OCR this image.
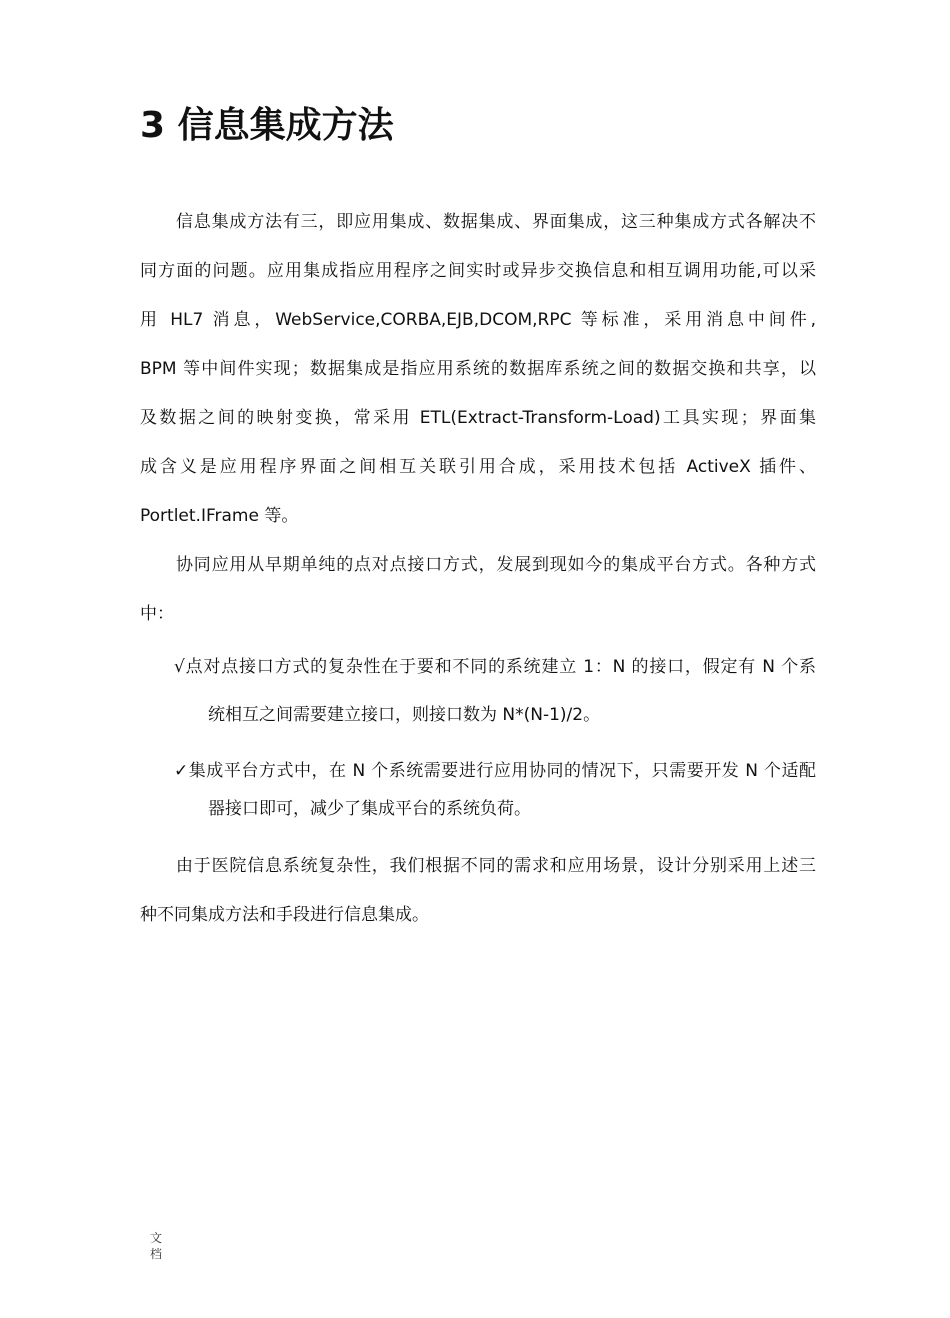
3 信息集成方法
信息集成方法有三，即应用集成、数据集成、界面集成，这三种集成方式各解决不
同方面的问题。应用集成指应用程序之间实时或异步交换信息和相互调用功能,可以采
用 HL7 消息，WebService,CORBA,EJB,DCOM,RPC 等标准，采用消息中间件,
BPM 等中间件实现；数据集成是指应用系统的数据库系统之间的数据交换和共享，以
及数据之间的映射变换，常采用 ETL(Extract-Transform-Load)工具实现；界面集
成含义是应用程序界面之间相互关联引用合成，采用技术包括 ActiveX 插件、
Portlet.IFrame 等。
协同应用从早期单纯的点对点接口方式，发展到现如今的集成平台方式。各种方式
中：
√点对点接口方式的复杂性在于要和不同的系统建立 1：N 的接口，假定有 N 个系
统相互之间需要建立接口，则接口数为 N*(N-1)/2。
✓集成平台方式中，在 N 个系统需要进行应用协同的情况下，只需要开发 N 个适配
器接口即可，减少了集成平台的系统负荷。
由于医院信息系统复杂性，我们根据不同的需求和应用场景，设计分别采用上述三
种不同集成方法和手段进行信息集成。
文
档
